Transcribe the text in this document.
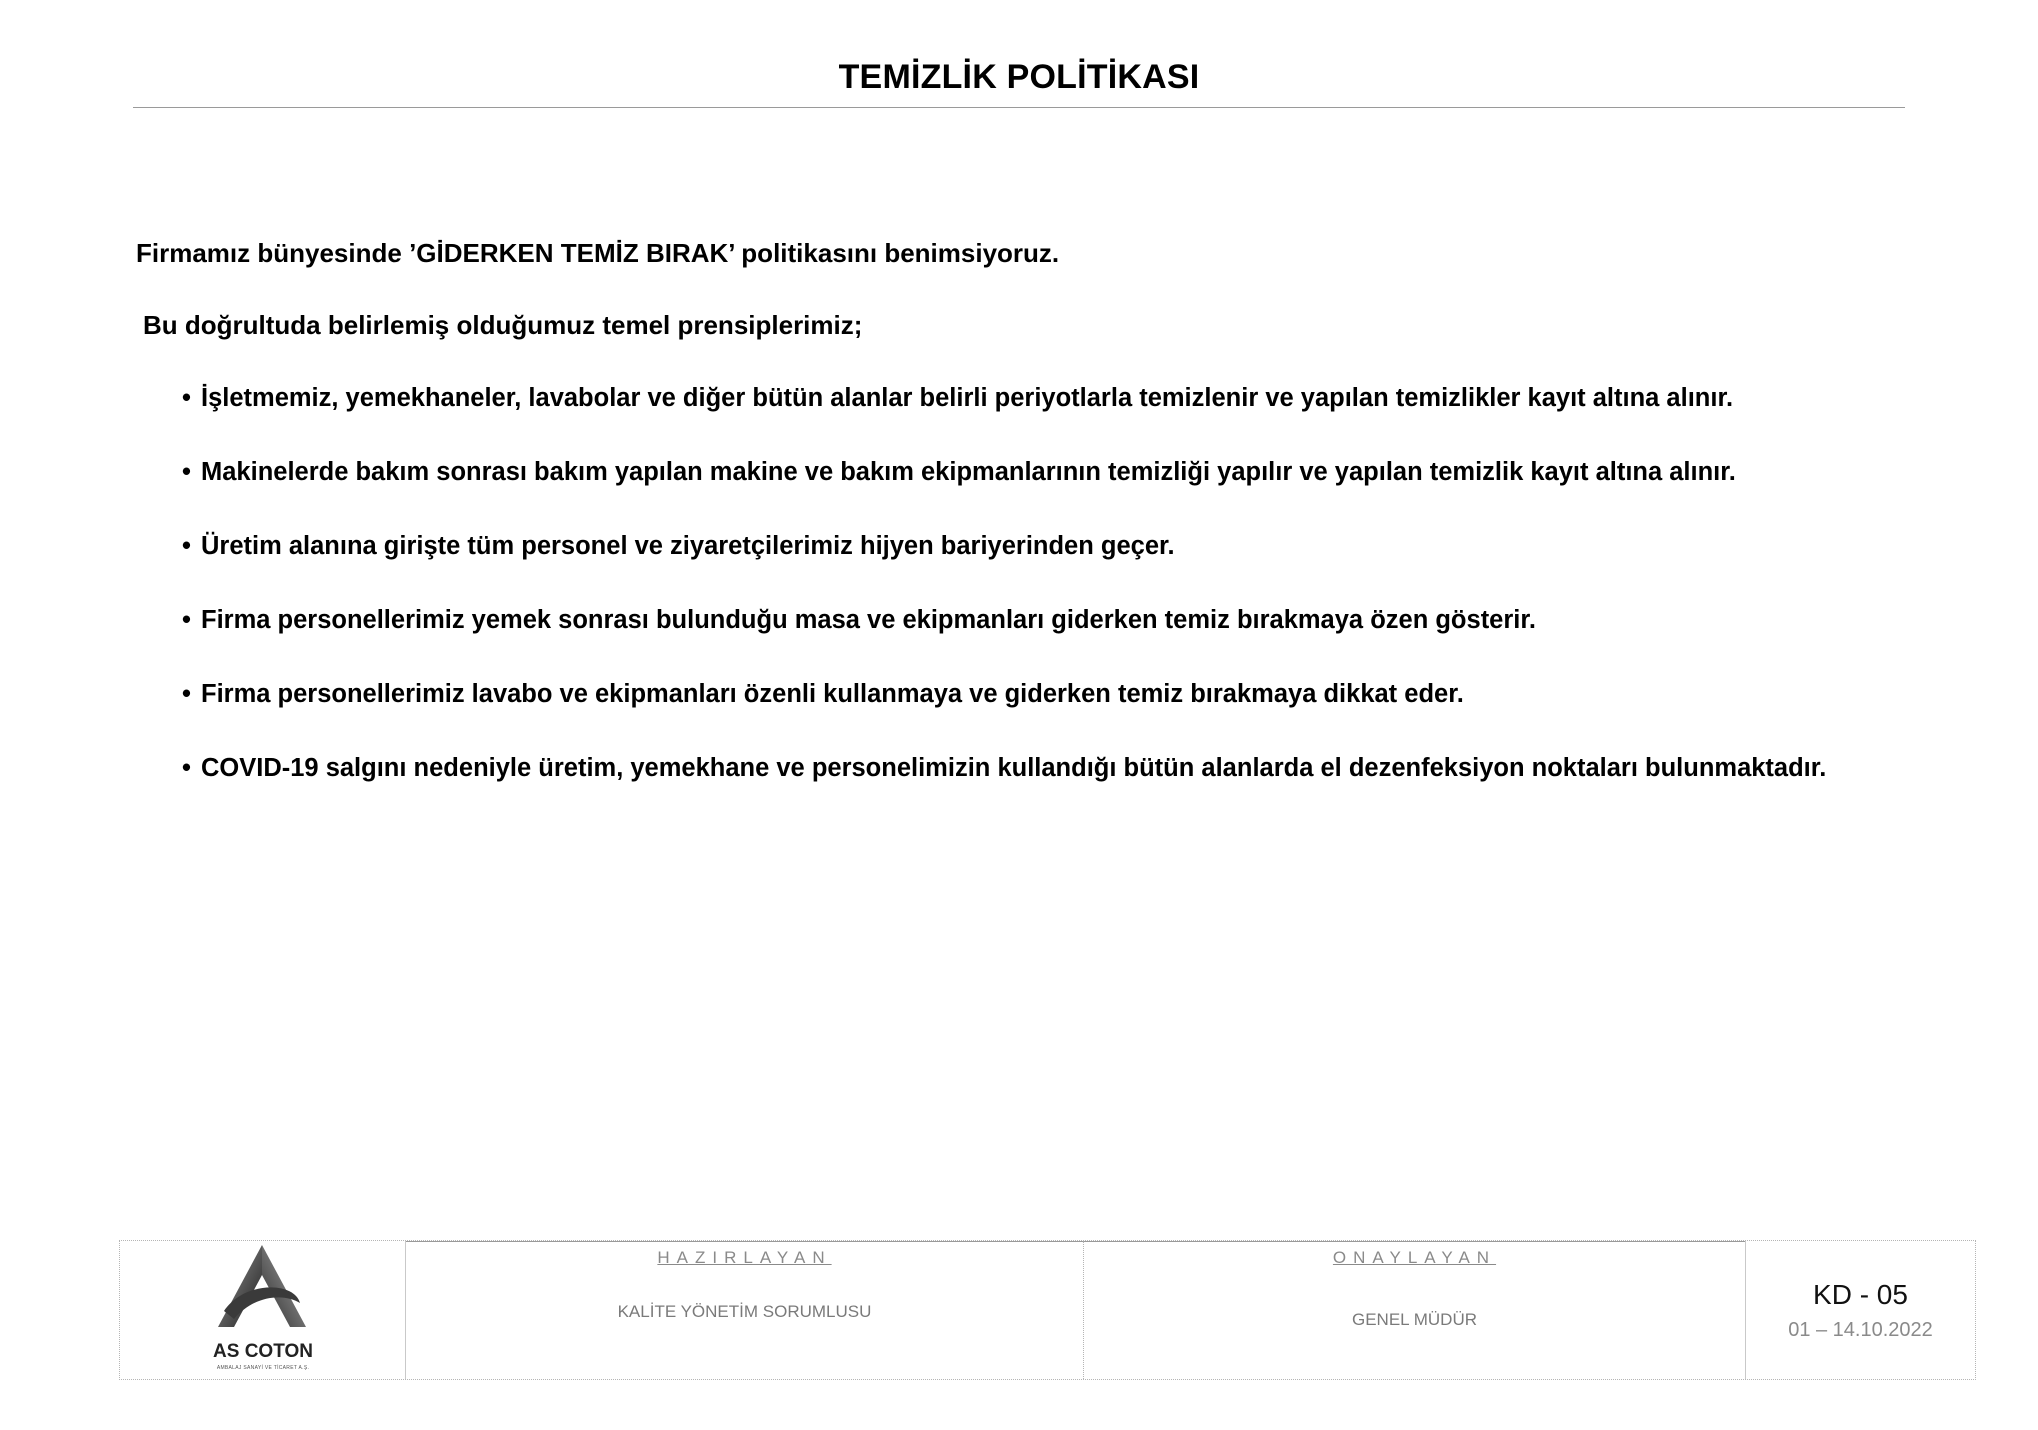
TEMİZLİK POLİTİKASI
Firmamız bünyesinde ’GİDERKEN TEMİZ BIRAK’ politikasını benimsiyoruz.
Bu doğrultuda belirlemiş olduğumuz temel prensiplerimiz;
• İşletmemiz, yemekhaneler, lavabolar ve diğer bütün alanlar belirli periyotlarla temizlenir ve yapılan temizlikler kayıt altına alınır.
• Makinelerde bakım sonrası bakım yapılan makine ve bakım ekipmanlarının temizliği yapılır ve yapılan temizlik kayıt altına alınır.
• Üretim alanına girişte tüm personel ve ziyaretçilerimiz hijyen bariyerinden geçer.
• Firma personellerimiz yemek sonrası bulunduğu masa ve ekipmanları giderken temiz bırakmaya özen gösterir.
• Firma personellerimiz lavabo ve ekipmanları özenli kullanmaya ve giderken temiz bırakmaya dikkat eder.
• COVID-19 salgını nedeniyle üretim, yemekhane ve personelimizin kullandığı bütün alanlarda el dezenfeksiyon noktaları bulunmaktadır.
AS COTON
AMBALAJ SANAYİ VE TİCARET A.Ş.
HAZIRLAYAN
KALİTE YÖNETİM SORUMLUSU
ONAYLAYAN
GENEL MÜDÜR
KD - 05
01 – 14.10.2022
